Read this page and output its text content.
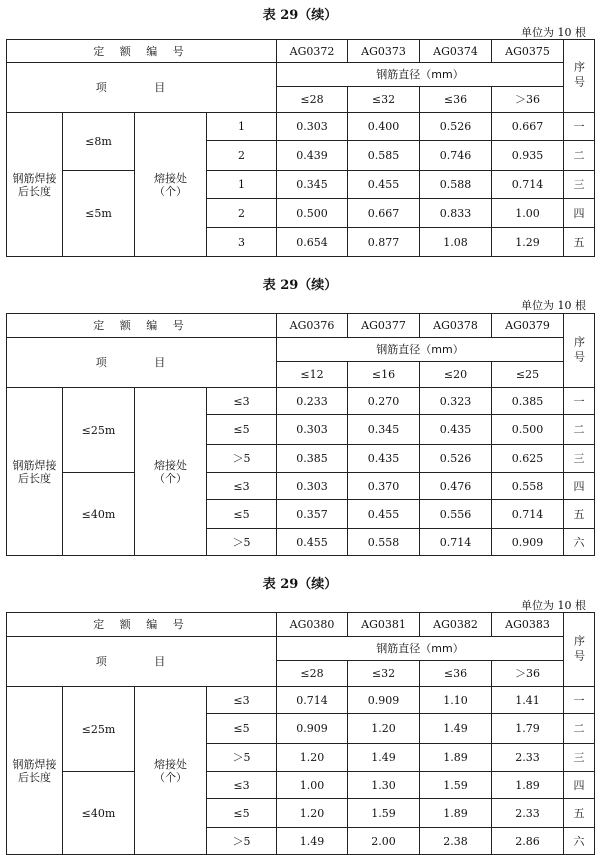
表 29（续）
单位为 10 根
定 额 编 号				AG0372	AG0373	AG0374	AG0375	序号
项 目				钢筋直径（mm）				
				≤28	≤32	≤36	＞36	
钢筋焊接后长度	≤8m	熔接处（个）	1	0.303	0.400	0.526	0.667	一
			2	0.439	0.585	0.746	0.935	二
	≤5m		1	0.345	0.455	0.588	0.714	三
			2	0.500	0.667	0.833	1.00	四
			3	0.654	0.877	1.08	1.29	五
表 29（续）
单位为 10 根
定 额 编 号				AG0376	AG0377	AG0378	AG0379	序号
项 目				钢筋直径（mm）				
				≤12	≤16	≤20	≤25	
钢筋焊接后长度	≤25m	熔接处（个）	≤3	0.233	0.270	0.323	0.385	一
			≤5	0.303	0.345	0.435	0.500	二
			＞5	0.385	0.435	0.526	0.625	三
	≤40m		≤3	0.303	0.370	0.476	0.558	四
			≤5	0.357	0.455	0.556	0.714	五
			＞5	0.455	0.558	0.714	0.909	六
表 29（续）
单位为 10 根
定 额 编 号				AG0380	AG0381	AG0382	AG0383	序号
项 目				钢筋直径（mm）				
				≤28	≤32	≤36	＞36	
钢筋焊接后长度	≤25m	熔接处（个）	≤3	0.714	0.909	1.10	1.41	一
			≤5	0.909	1.20	1.49	1.79	二
			＞5	1.20	1.49	1.89	2.33	三
	≤40m		≤3	1.00	1.30	1.59	1.89	四
			≤5	1.20	1.59	1.89	2.33	五
			＞5	1.49	2.00	2.38	2.86	六
